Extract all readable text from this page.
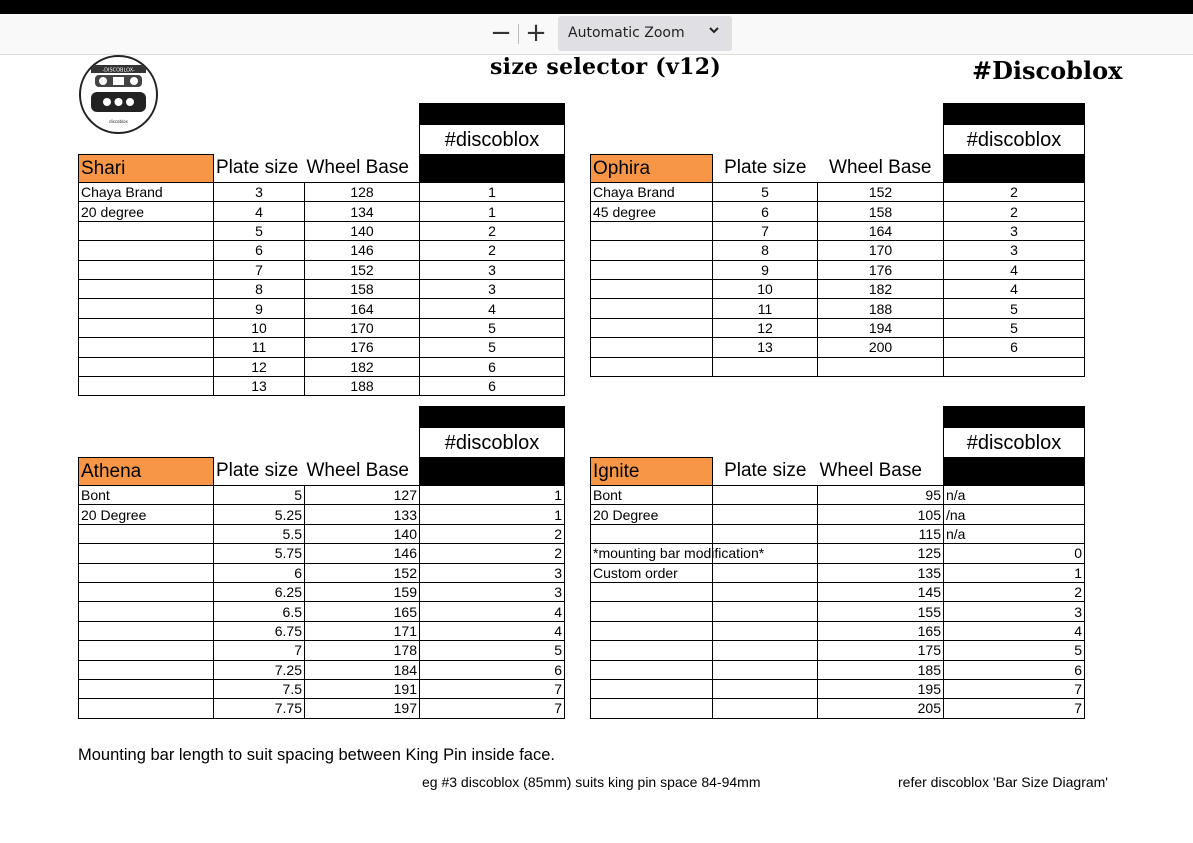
− + Automatic Zoom
-DISCOBLOX-
discoblox
size selector (v12)	#Discoblox

			#discoblox
Shari	Plate size	Wheel Base	
Chaya Brand	3	128	1
20 degree	4	134	1
	5	140	2
	6	146	2
	7	152	3
	8	158	3
	9	164	4
	10	170	5
	11	176	5
	12	182	6
	13	188	6

			#discoblox
Ophira	Plate size	Wheel Base	
Chaya Brand	5	152	2
45 degree	6	158	2
	7	164	3
	8	170	3
	9	176	4
	10	182	4
	11	188	5
	12	194	5
	13	200	6

			#discoblox
Athena	Plate size	Wheel Base	
Bont	5	127	1
20 Degree	5.25	133	1
	5.5	140	2
	5.75	146	2
	6	152	3
	6.25	159	3
	6.5	165	4
	6.75	171	4
	7	178	5
	7.25	184	6
	7.5	191	7
	7.75	197	7

			#discoblox
Ignite	Plate size	Wheel Base	
Bont		95	n/a
20 Degree		105	/na
		115	n/a
*mounting bar modification*		125	0
Custom order		135	1
		145	2
		155	3
		165	4
		175	5
		185	6
		195	7
		205	7
Mounting bar length to suit spacing between King Pin inside face.
eg #3 discoblox (85mm) suits king pin space 84-94mm	refer discoblox 'Bar Size Diagram'
